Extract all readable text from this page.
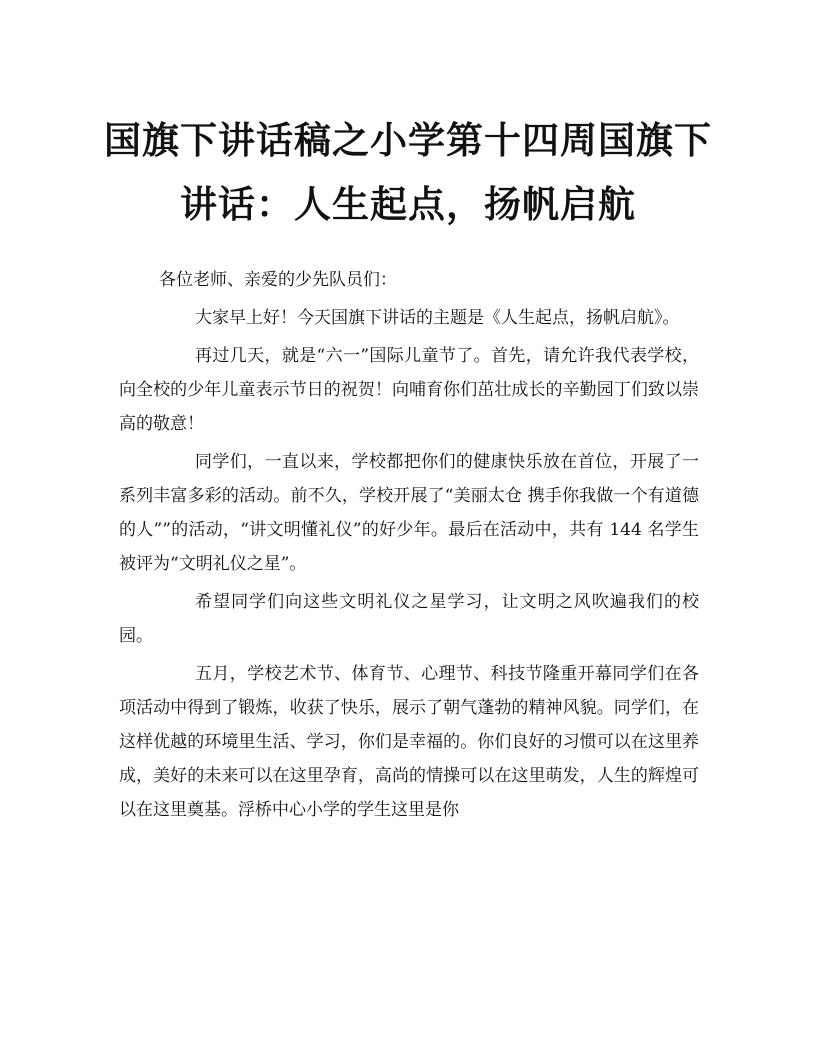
国旗下讲话稿之小学第十四周国旗下
讲话：人生起点，扬帆启航

各位老师、亲爱的少先队员们：

大家早上好！今天国旗下讲话的主题是《人生起点，扬帆启航》。

再过几天，就是“六一”国际儿童节了。首先，请允许我代表学校，向全校的少年儿童表示节日的祝贺！向哺育你们茁壮成长的辛勤园丁们致以崇高的敬意！

同学们，一直以来，学校都把你们的健康快乐放在首位，开展了一系列丰富多彩的活动。前不久，学校开展了“美丽太仓 携手你我做一个有道德的人””的活动，“讲文明懂礼仪”的好少年。最后在活动中，共有 144 名学生被评为“文明礼仪之星”。

希望同学们向这些文明礼仪之星学习，让文明之风吹遍我们的校园。

五月，学校艺术节、体育节、心理节、科技节隆重开幕同学们在各项活动中得到了锻炼，收获了快乐，展示了朝气蓬勃的精神风貌。同学们，在这样优越的环境里生活、学习，你们是幸福的。你们良好的习惯可以在这里养成，美好的未来可以在这里孕育，高尚的情操可以在这里萌发，人生的辉煌可以在这里奠基。浮桥中心小学的学生这里是你
